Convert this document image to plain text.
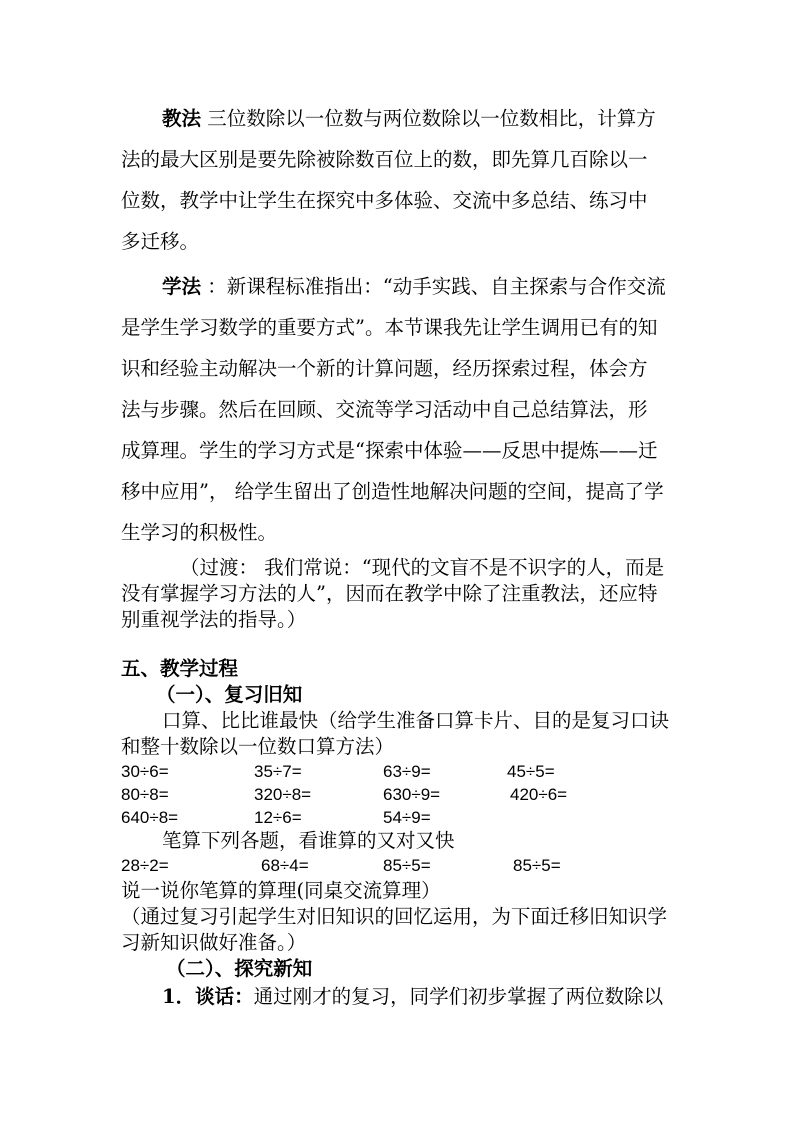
教法 三位数除以一位数与两位数除以一位数相比，计算方
法的最大区别是要先除被除数百位上的数，即先算几百除以一
位数，教学中让学生在探究中多体验、交流中多总结、练习中
多迁移。
学法 ：新课程标准指出：“动手实践、自主探索与合作交流
是学生学习数学的重要方式”。本节课我先让学生调用已有的知
识和经验主动解决一个新的计算问题，经历探索过程，体会方
法与步骤。然后在回顾、交流等学习活动中自己总结算法，形
成算理。学生的学习方式是“探索中体验——反思中提炼——迁
移中应用”， 给学生留出了创造性地解决问题的空间，提高了学
生学习的积极性。
（过渡： 我们常说：“现代的文盲不是不识字的人，而是
没有掌握学习方法的人”，因而在教学中除了注重教法，还应特
别重视学法的指导。）
五、教学过程
（一）、复习旧知
口算、比比谁最快（给学生准备口算卡片、目的是复习口诀
和整十数除以一位数口算方法）
30÷6=	35÷7=	63÷9=	45÷5=
80÷8=	320÷8=	630÷9=	420÷6=
640÷8=	12÷6=	54÷9=
笔算下列各题，看谁算的又对又快
28÷2=	68÷4=	85÷5=	85÷5=
说一说你笔算的算理(同桌交流算理）
（通过复习引起学生对旧知识的回忆运用，为下面迁移旧知识学
习新知识做好准备。）
（二）、探究新知
1．谈话：通过刚才的复习，同学们初步掌握了两位数除以
